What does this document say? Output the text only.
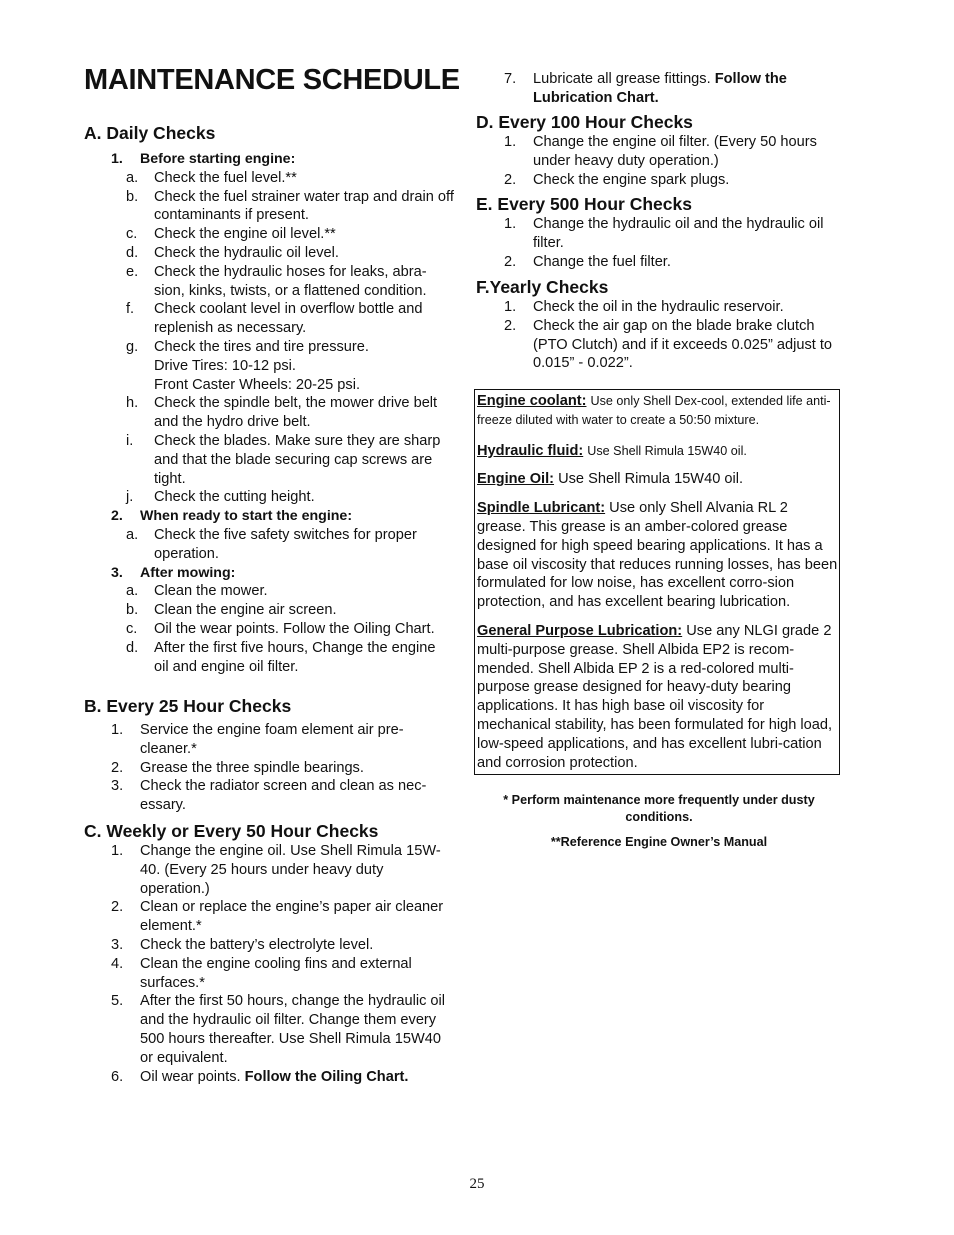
MAINTENANCE SCHEDULE
A. Daily Checks
1. Before starting engine:
a. Check the fuel level.**
b. Check the fuel strainer water trap and drain off contaminants if present.
c. Check the engine oil level.**
d. Check the hydraulic oil level.
e. Check the hydraulic hoses for leaks, abra-sion, kinks, twists, or a flattened condition.
f. Check coolant level in overflow bottle and replenish as necessary.
g. Check the tires and tire pressure.
Drive Tires: 10-12 psi.
Front Caster Wheels: 20-25 psi.
h. Check the spindle belt, the mower drive belt and the hydro drive belt.
i. Check the blades. Make sure they are sharp and that the blade securing cap screws are tight.
j. Check the cutting height.
2. When ready to start the engine:
a. Check the five safety switches for proper operation.
3. After mowing:
a. Clean the mower.
b. Clean the engine air screen.
c. Oil the wear points. Follow the Oiling Chart.
d. After the first five hours, Change the engine oil and engine oil filter.
B. Every 25 Hour Checks
1. Service the engine foam element air pre-cleaner.*
2. Grease the three spindle bearings.
3. Check the radiator screen and clean as nec-essary.
C. Weekly or Every 50 Hour Checks
1. Change the engine oil. Use Shell Rimula 15W-40. (Every 25 hours under heavy duty operation.)
2. Clean or replace the engine’s paper air cleaner element.*
3. Check the battery’s electrolyte level.
4. Clean the engine cooling fins and external surfaces.*
5. After the first 50 hours, change the hydraulic oil and the hydraulic oil filter. Change them every 500 hours thereafter. Use Shell Rimula 15W40 or equivalent.
6. Oil wear points. Follow the Oiling Chart.
7. Lubricate all grease fittings. Follow the Lubrication Chart.
D. Every 100 Hour Checks
1. Change the engine oil filter. (Every 50 hours under heavy duty operation.)
2. Check the engine spark plugs.
E. Every 500 Hour Checks
1. Change the hydraulic oil and the hydraulic oil filter.
2. Change the fuel filter.
F.Yearly Checks
1. Check the oil in the hydraulic reservoir.
2. Check the air gap on the blade brake clutch (PTO Clutch) and if it exceeds 0.025” adjust to 0.015” - 0.022”.

Engine coolant: Use only Shell Dex-cool, extended life anti-freeze diluted with water to create a 50:50 mixture.

Hydraulic fluid: Use Shell Rimula 15W40 oil.

Engine Oil: Use Shell Rimula 15W40 oil.

Spindle Lubricant: Use only Shell Alvania RL 2 grease. This grease is an amber-colored grease designed for high speed bearing applications. It has a base oil viscosity that reduces running losses, has been formulated for low noise, has excellent corro-sion protection, and has excellent bearing lubrication.

General Purpose Lubrication: Use any NLGI grade 2 multi-purpose grease. Shell Albida EP2 is recom-mended. Shell Albida EP 2 is a red-colored multi-purpose grease designed for heavy-duty bearing applications. It has high base oil viscosity for mechanical stability, has been formulated for high load, low-speed applications, and has excellent lubri-cation and corrosion protection.

* Perform maintenance more frequently under dusty conditions.
**Reference Engine Owner’s Manual
25
